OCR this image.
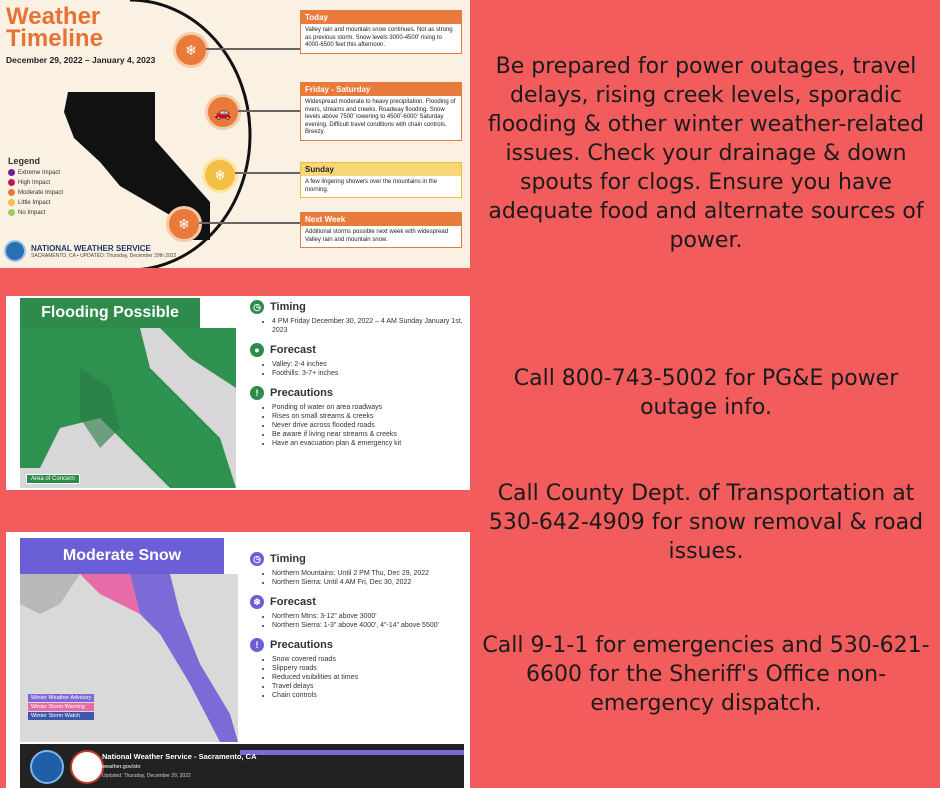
Weather Timeline
December 29, 2022 – January 4, 2023
Legend
Extreme Impact
High Impact
Moderate Impact
Little Impact
No Impact
NATIONAL WEATHER SERVICE
SACRAMENTO, CA • UPDATED: Thursday, December 29th 2022
❄
Today
Valley rain and mountain snow continues. Not as strong as previous storm. Snow levels 3000-4500' rising to 4000-6500 feet this afternoon.
🚗
Friday - Saturday
Widespread moderate to heavy precipitation. Flooding of rivers, streams and creeks. Roadway flooding. Snow levels above 7500' lowering to 4500'-6000' Saturday evening. Difficult travel conditions with chain controls. Breezy.
❄	Sunday
A few lingering showers over the mountains in the morning.
❄	Next Week
Additional storms possible next week with widespread Valley rain and mountain snow.
Flooding Possible
Area of Concern
◷ Timing
• 4 PM Friday December 30, 2022 – 4 AM Sunday January 1st, 2023
● Forecast
• Valley: 2-4 inches
• Foothills: 3-7+ inches
!	Precautions
• Ponding of water on area roadways
• Rises on small streams & creeks
• Never drive across flooded roads
• Be aware if living near streams & creeks
• Have an evacuation plan & emergency kit
Moderate Snow
Winter Weather Advisory
Winter Storm Warning
Winter Storm Watch
◷ Timing
• Northern Mountains: Until 2 PM Thu, Dec 29, 2022
• Northern Sierra: Until 4 AM Fri, Dec 30, 2022
❄ Forecast
• Northern Mtns: 3-12" above 3000'
• Northern Sierra: 1-3" above 4000', 4"-14" above 5500'
!	Precautions
• Snow covered roads
• Slippery roads
• Reduced visibilities at times
• Travel delays
• Chain controls
National Weather Service - Sacramento, CA
weather.gov/sto
Updated: Thursday, December 29, 2022
Be prepared for power outages, travel delays, rising creek levels, sporadic flooding & other winter weather-related issues. Check your drainage & down spouts for clogs. Ensure you have adequate food and alternate sources of power.
Call 800-743-5002 for PG&E power outage info.
Call County Dept. of Transportation at 530-642-4909 for snow removal & road issues.
Call 9-1-1 for emergencies and 530-621-6600 for the Sheriff's Office non-emergency dispatch.
